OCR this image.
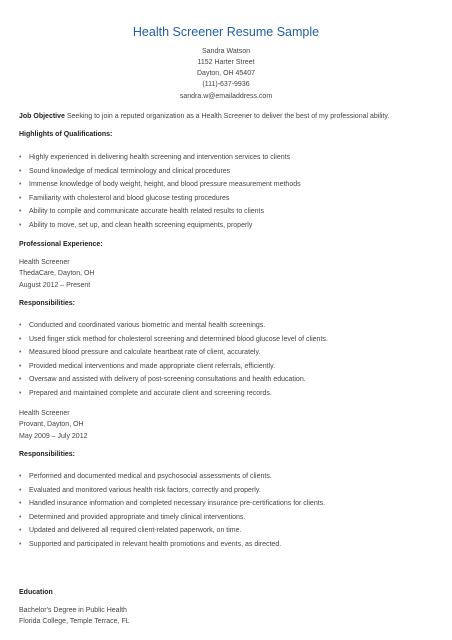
Health Screener Resume Sample
Sandra Watson
1152 Harter Street
Dayton, OH 45407
(111)-637-9936
sandra.w@emailaddress.com
Job Objective Seeking to join a reputed organization as a Health Screener to deliver the best of my professional ability.
Highlights of Qualifications:
• Highly experienced in delivering health screening and intervention services to clients
• Sound knowledge of medical terminology and clinical procedures
• Immense knowledge of body weight, height, and blood pressure measurement methods
• Familiarity with cholesterol and blood glucose testing procedures
• Ability to compile and communicate accurate health related results to clients
• Ability to move, set up, and clean health screening equipments, properly
Professional Experience:
Health Screener
ThedaCare, Dayton, OH
August 2012 – Present
Responsibilities:
• Conducted and coordinated various biometric and mental health screenings.
• Used finger stick method for cholesterol screening and determined blood glucose level of clients.
• Measured blood pressure and calculate heartbeat rate of client, accurately.
• Provided medical interventions and made appropriate client referrals, efficiently.
• Oversaw and assisted with delivery of post-screening consultations and health education.
• Prepared and maintained complete and accurate client and screening records.
Health Screener
Provant, Dayton, OH
May 2009 – July 2012
Responsibilities:
• Performed and documented medical and psychosocial assessments of clients.
• Evaluated and monitored various health risk factors, correctly and properly.
• Handled insurance information and completed necessary insurance pre-certifications for clients.
• Determined and provided appropriate and timely clinical interventions.
• Updated and delivered all required client-related paperwork, on time.
• Supported and participated in relevant health promotions and events, as directed.
Education
Bachelor's Degree in Public Health
Florida College, Temple Terrace, FL
